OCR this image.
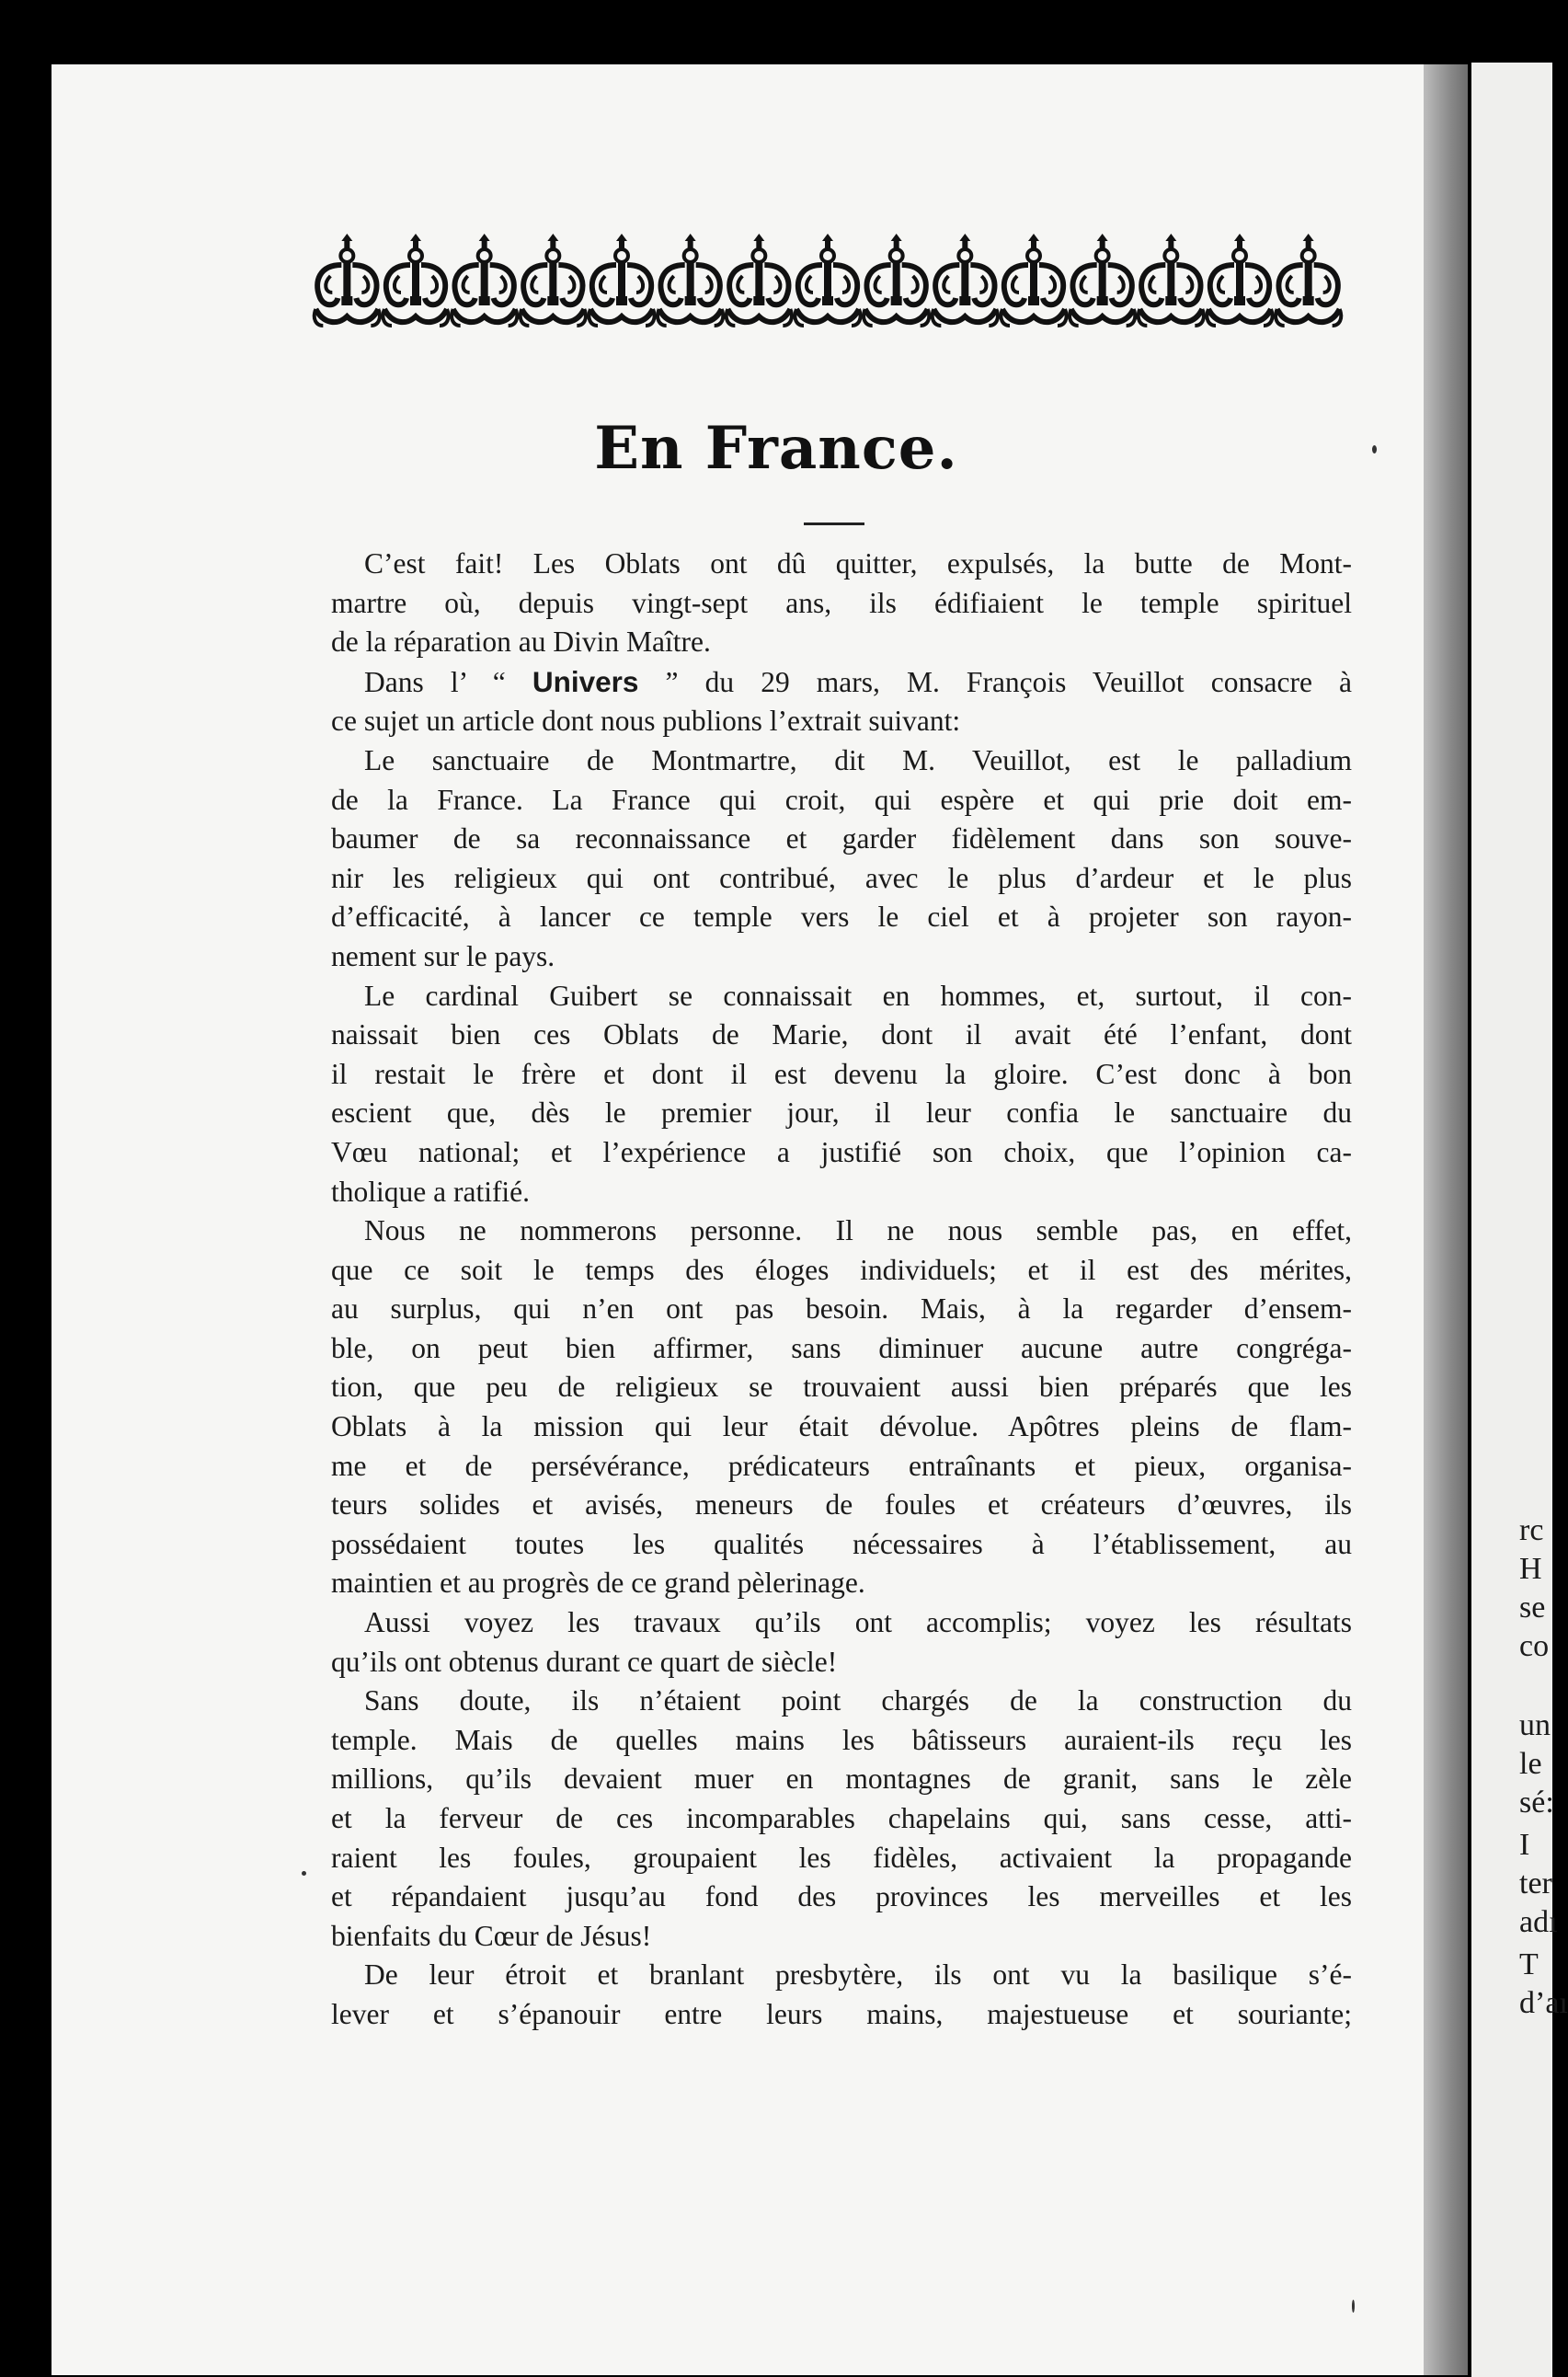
rc
H
se
co
un
le
sé:
I
ter
adı
T
d’aı
En France.
C’est fait! Les Oblats ont dû quitter, expulsés, la butte de Mont-
martre où, depuis vingt-sept ans, ils édifiaient le temple spirituel
de la réparation au Divin Maître.
Dans l’ “ Univers ” du 29 mars, M. François Veuillot consacre à
ce sujet un article dont nous publions l’extrait suivant:
Le sanctuaire de Montmartre, dit M. Veuillot, est le palladium
de la France. La France qui croit, qui espère et qui prie doit em-
baumer de sa reconnaissance et garder fidèlement dans son souve-
nir les religieux qui ont contribué, avec le plus d’ardeur et le plus
d’efficacité, à lancer ce temple vers le ciel et à projeter son rayon-
nement sur le pays.
Le cardinal Guibert se connaissait en hommes, et, surtout, il con-
naissait bien ces Oblats de Marie, dont il avait été l’enfant, dont
il restait le frère et dont il est devenu la gloire. C’est donc à bon
escient que, dès le premier jour, il leur confia le sanctuaire du
Vœu national; et l’expérience a justifié son choix, que l’opinion ca-
tholique a ratifié.
Nous ne nommerons personne. Il ne nous semble pas, en effet,
que ce soit le temps des éloges individuels; et il est des mérites,
au surplus, qui n’en ont pas besoin. Mais, à la regarder d’ensem-
ble, on peut bien affirmer, sans diminuer aucune autre congréga-
tion, que peu de religieux se trouvaient aussi bien préparés que les
Oblats à la mission qui leur était dévolue. Apôtres pleins de flam-
me et de persévérance, prédicateurs entraînants et pieux, organisa-
teurs solides et avisés, meneurs de foules et créateurs d’œuvres, ils
possédaient toutes les qualités nécessaires à l’établissement, au
maintien et au progrès de ce grand pèlerinage.
Aussi voyez les travaux qu’ils ont accomplis; voyez les résultats
qu’ils ont obtenus durant ce quart de siècle!
Sans doute, ils n’étaient point chargés de la construction du
temple. Mais de quelles mains les bâtisseurs auraient-ils reçu les
millions, qu’ils devaient muer en montagnes de granit, sans le zèle
et la ferveur de ces incomparables chapelains qui, sans cesse, atti-
raient les foules, groupaient les fidèles, activaient la propagande
et répandaient jusqu’au fond des provinces les merveilles et les
bienfaits du Cœur de Jésus!
De leur étroit et branlant presbytère, ils ont vu la basilique s’é-
lever et s’épanouir entre leurs mains, majestueuse et souriante;
